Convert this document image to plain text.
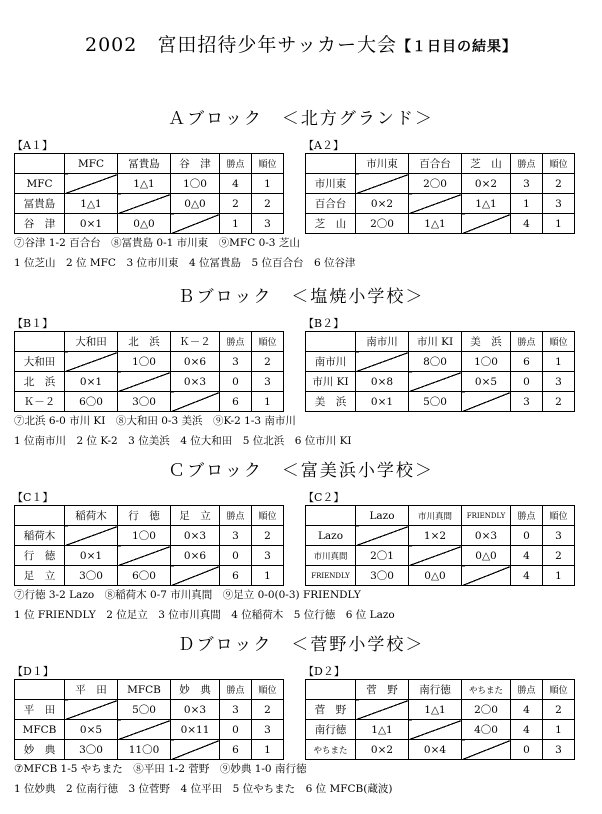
2002　宮田招待少年サッカー大会【１日目の結果】
Ａブロック　＜北方グランド＞
【A１】
	MFC	冨貴島	谷　津	勝点	順位
MFC		1△1	1〇0	4	1
冨貴島	1△1		0△0	2	2
谷　津	0×1	0△0		1	3
【A２】
	市川東	百合台	芝　山	勝点	順位
市川東		2〇0	0×2	3	2
百合台	0×2		1△1	1	3
芝　山	2〇0	1△1		4	1
⑦谷津 1-2 百合台　⑧冨貴島 0-1 市川東　⑨MFC 0-3 芝山
1 位芝山　2 位 MFC　3 位市川東　4 位冨貴島　5 位百合台　6 位谷津
Ｂブロック　＜塩焼小学校＞
【B１】
	大和田	北　浜	Ｋ－２	勝点	順位
大和田		1〇0	0×6	3	2
北　浜	0×1		0×3	0	3
Ｋ－２	6〇0	3〇0		6	1
【B２】
	南市川	市川 KI	美　浜	勝点	順位
南市川		8〇0	1〇0	6	1
市川 KI	0×8		0×5	0	3
美　浜	0×1	5〇0		3	2
⑦北浜 6-0 市川 KI　⑧大和田 0-3 美浜　⑨K-2 1-3 南市川
1 位南市川　2 位 K-2　3 位美浜　4 位大和田　5 位北浜　6 位市川 KI
Ｃブロック　＜富美浜小学校＞
【C１】
	稲荷木	行　徳	足　立	勝点	順位
稲荷木		1〇0	0×3	3	2
行　徳	0×1		0×6	0	3
足　立	3〇0	6〇0		6	1
【C２】
	Lazo	市川真間	FRIENDLY	勝点	順位
Lazo		1×2	0×3	0	3
市川真間	2〇1		0△0	4	2
FRIENDLY	3〇0	0△0		4	1
⑦行徳 3-2 Lazo　⑧稲荷木 0-7 市川真間　⑨足立 0-0(0-3) FRIENDLY
1 位 FRIENDLY　2 位足立　3 位市川真間　4 位稲荷木　5 位行徳　6 位 Lazo
Ｄブロック　＜菅野小学校＞
【D１】
	平　田	MFCB	妙　典	勝点	順位
平　田		5〇0	0×3	3	2
MFCB	0×5		0×11	0	3
妙　典	3〇0	11〇0		6	1
【D２】
	菅　野	南行徳	やちまた	勝点	順位
菅　野		1△1	2〇0	4	2
南行徳	1△1		4〇0	4	1
やちまた	0×2	0×4		0	3
⑦MFCB 1-5 やちまた　⑧平田 1-2 菅野　⑨妙典 1-0 南行徳
1 位妙典　2 位南行徳　3 位菅野　4 位平田　5 位やちまた　6 位 MFCB(蔵波)
